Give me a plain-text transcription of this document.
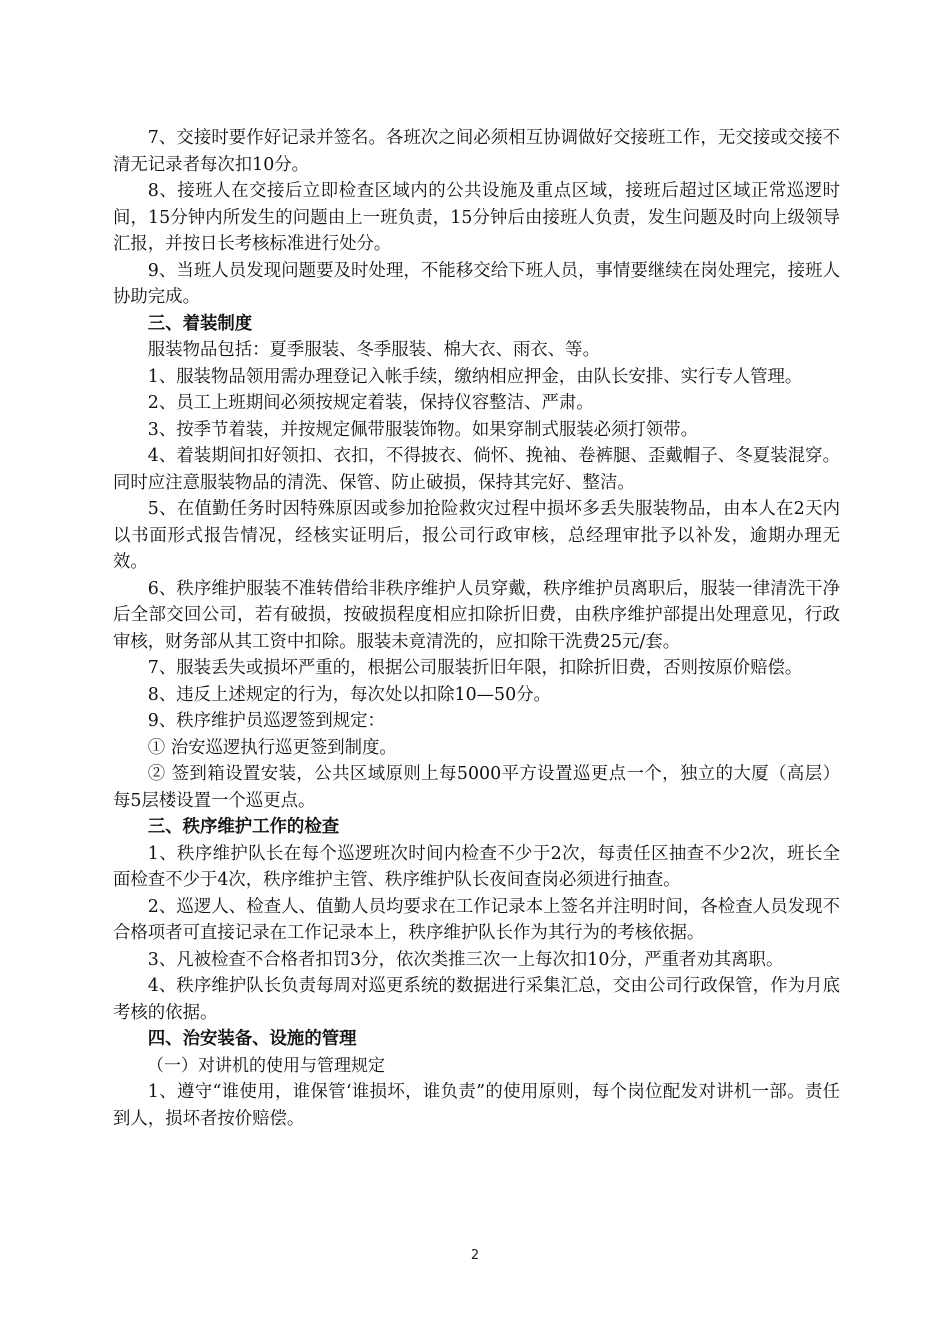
7、交接时要作好记录并签名。各班次之间必须相互协调做好交接班工作，无交接或交接不清无记录者每次扣10分。

8、接班人在交接后立即检查区域内的公共设施及重点区域，接班后超过区域正常巡逻时间，15分钟内所发生的问题由上一班负责，15分钟后由接班人负责，发生问题及时向上级领导汇报，并按日长考核标准进行处分。

9、当班人员发现问题要及时处理，不能移交给下班人员，事情要继续在岗处理完，接班人协助完成。

三、着装制度

服装物品包括：夏季服装、冬季服装、棉大衣、雨衣、等。

1、服装物品领用需办理登记入帐手续，缴纳相应押金，由队长安排、实行专人管理。

2、员工上班期间必须按规定着装，保持仪容整洁、严肃。

3、按季节着装，并按规定佩带服装饰物。如果穿制式服装必须打领带。

4、着装期间扣好领扣、衣扣，不得披衣、倘怀、挽袖、卷裤腿、歪戴帽子、冬夏装混穿。同时应注意服装物品的清洗、保管、防止破损，保持其完好、整洁。

5、在值勤任务时因特殊原因或参加抢险救灾过程中损坏多丢失服装物品，由本人在2天内以书面形式报告情况，经核实证明后，报公司行政审核，总经理审批予以补发，逾期办理无效。

6、秩序维护服装不准转借给非秩序维护人员穿戴，秩序维护员离职后，服装一律清洗干净后全部交回公司，若有破损，按破损程度相应扣除折旧费，由秩序维护部提出处理意见，行政审核，财务部从其工资中扣除。服装未竟清洗的，应扣除干洗费25元/套。

7、服装丢失或损坏严重的，根据公司服装折旧年限，扣除折旧费，否则按原价赔偿。

8、违反上述规定的行为，每次处以扣除10—50分。

9、秩序维护员巡逻签到规定：

① 治安巡逻执行巡更签到制度。

② 签到箱设置安装，公共区域原则上每5000平方设置巡更点一个，独立的大厦（高层）每5层楼设置一个巡更点。

三、秩序维护工作的检查

1、秩序维护队长在每个巡逻班次时间内检查不少于2次，每责任区抽查不少2次，班长全面检查不少于4次，秩序维护主管、秩序维护队长夜间查岗必须进行抽查。

2、巡逻人、检查人、值勤人员均要求在工作记录本上签名并注明时间，各检查人员发现不合格项者可直接记录在工作记录本上，秩序维护队长作为其行为的考核依据。

3、凡被检查不合格者扣罚3分，依次类推三次一上每次扣10分，严重者劝其离职。

4、秩序维护队长负责每周对巡更系统的数据进行采集汇总，交由公司行政保管，作为月底考核的依据。

四、治安装备、设施的管理

（一）对讲机的使用与管理规定

1、遵守“谁使用，谁保管‘谁损坏，谁负责”的使用原则，每个岗位配发对讲机一部。责任到人，损坏者按价赔偿。

2
